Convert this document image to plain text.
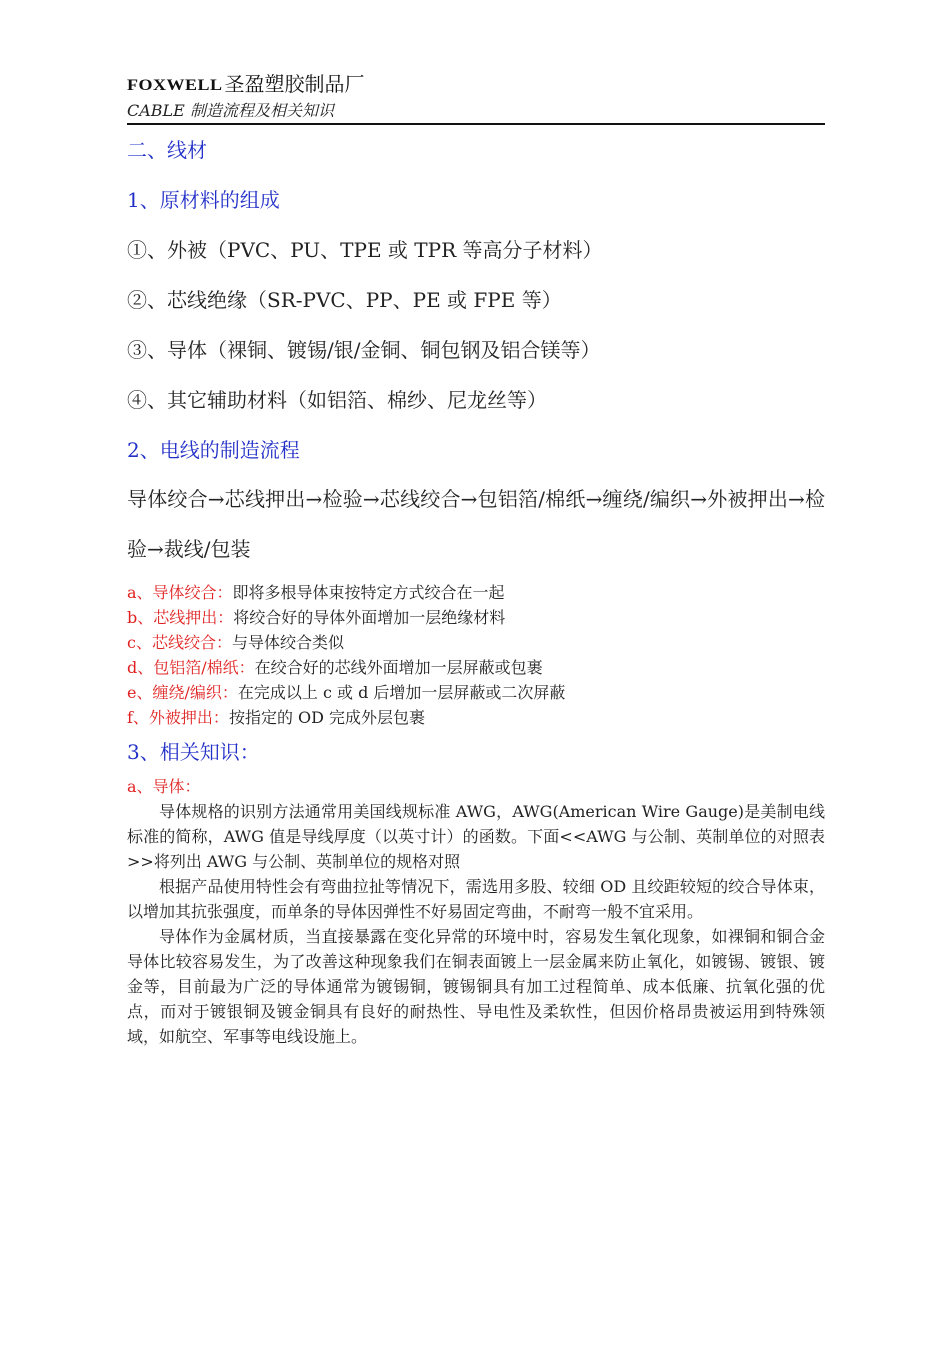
FOXWELL 圣盈塑胶制品厂
CABLE 制造流程及相关知识
二、线材
1、原材料的组成
①、外被（PVC、PU、TPE 或 TPR 等高分子材料）
②、芯线绝缘（SR-PVC、PP、PE 或 FPE 等）
③、导体（裸铜、镀锡/银/金铜、铜包钢及铝合镁等）
④、其它辅助材料（如铝箔、棉纱、尼龙丝等）
2、电线的制造流程
导体绞合→芯线押出→检验→芯线绞合→包铝箔/棉纸→缠绕/编织→外被押出→检验→裁线/包装
a、导体绞合：即将多根导体束按特定方式绞合在一起
b、芯线押出：将绞合好的导体外面增加一层绝缘材料
c、芯线绞合：与导体绞合类似
d、包铝箔/棉纸：在绞合好的芯线外面增加一层屏蔽或包裹
e、缠绕/编织：在完成以上 c 或 d 后增加一层屏蔽或二次屏蔽
f、外被押出：按指定的 OD 完成外层包裹
3、相关知识：
a、导体：
导体规格的识别方法通常用美国线规标准 AWG，AWG(American Wire Gauge)是美制电线标准的简称，AWG 值是导线厚度（以英寸计）的函数。下面<<AWG 与公制、英制单位的对照表>>将列出 AWG 与公制、英制单位的规格对照
根据产品使用特性会有弯曲拉扯等情况下，需选用多股、较细 OD 且绞距较短的绞合导体束，以增加其抗张强度，而单条的导体因弹性不好易固定弯曲，不耐弯一般不宜采用。
导体作为金属材质，当直接暴露在变化异常的环境中时，容易发生氧化现象，如裸铜和铜合金导体比较容易发生，为了改善这种现象我们在铜表面镀上一层金属来防止氧化，如镀锡、镀银、镀金等，目前最为广泛的导体通常为镀锡铜，镀锡铜具有加工过程简单、成本低廉、抗氧化强的优点，而对于镀银铜及镀金铜具有良好的耐热性、导电性及柔软性，但因价格昂贵被运用到特殊领域，如航空、军事等电线设施上。
